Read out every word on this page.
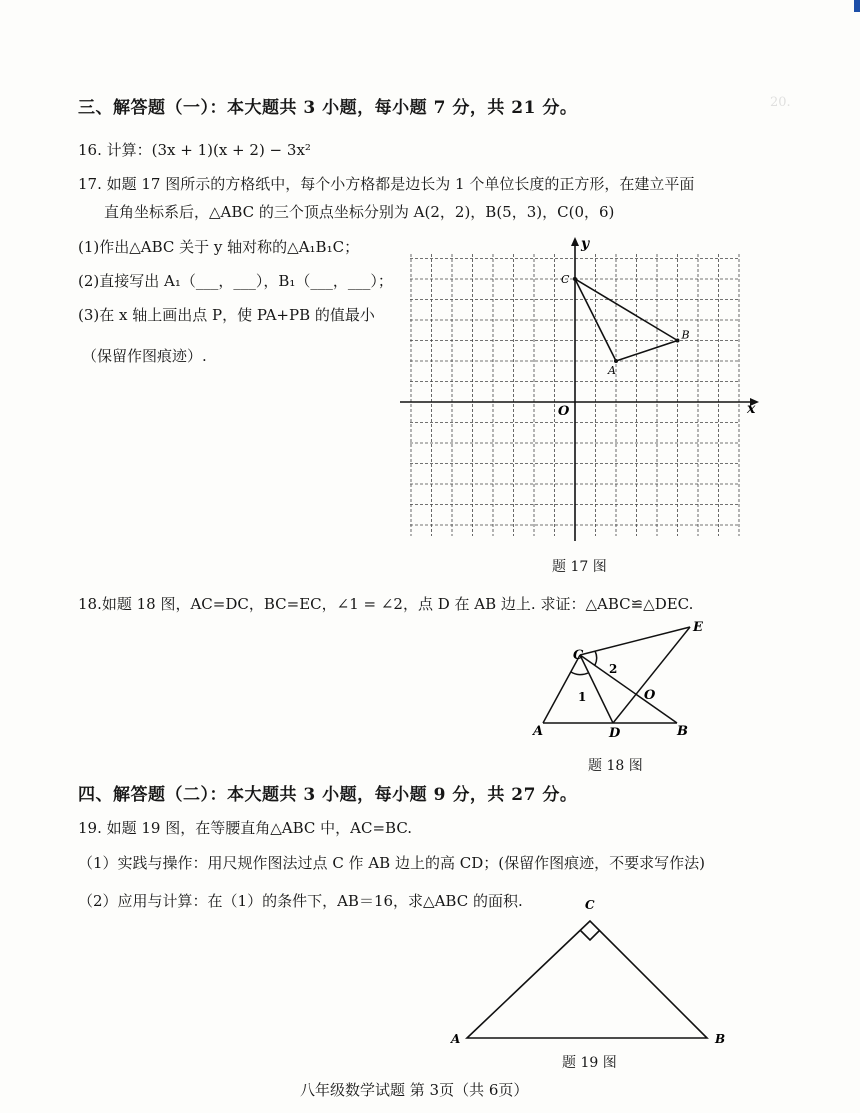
20.
三、解答题（一）：本大题共 3 小题，每小题 7 分，共 21 分。
16. 计算：(3x + 1)(x + 2) − 3x²
17. 如题 17 图所示的方格纸中，每个小方格都是边长为 1 个单位长度的正方形，在建立平面
直角坐标系后，△ABC 的三个顶点坐标分别为 A(2，2)，B(5，3)，C(0，6)
(1)作出△ABC 关于 y 轴对称的△A₁B₁C；
(2)直接写出 A₁（___，___），B₁（___，___）；
(3)在 x 轴上画出点 P，使 PA+PB 的值最小
（保留作图痕迹）.
x
y
O
A
B
C
题 17 图
18.如题 18 图，AC=DC，BC=EC，∠1 = ∠2，点 D 在 AB 边上. 求证：△ABC≌△DEC.
C
A	B
D
E
O
1
2
题 18 图
四、解答题（二）：本大题共 3 小题，每小题 9 分，共 27 分。
19. 如题 19 图，在等腰直角△ABC 中，AC=BC.
（1）实践与操作：用尺规作图法过点 C 作 AB 边上的高 CD；(保留作图痕迹，不要求写作法)
（2）应用与计算：在（1）的条件下，AB＝16，求△ABC 的面积.	C
A	B
题 19 图
八年级数学试题 第 3页（共 6页）
